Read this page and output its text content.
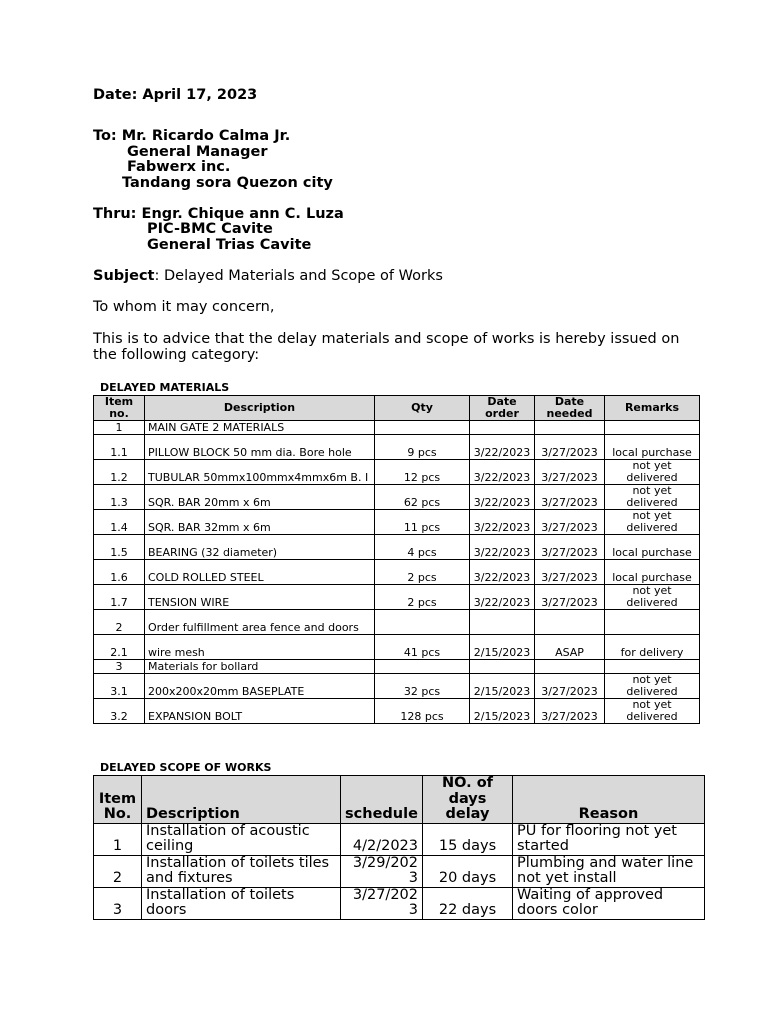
Date: April 17, 2023
To: Mr. Ricardo Calma Jr.
General Manager
Fabwerx inc.
Tandang sora Quezon city
Thru: Engr. Chique ann C. Luza
PIC-BMC Cavite
General Trias Cavite
Subject: Delayed Materials and Scope of Works
To whom it may concern,
This is to advice that the delay materials and scope of works is hereby issued on the following category:
DELAYED MATERIALS
Item no.	Description	Qty	Date order	Date needed	Remarks
1	MAIN GATE 2 MATERIALS				
1.1	PILLOW BLOCK 50 mm dia. Bore hole	9 pcs	3/22/2023	3/27/2023	local purchase
1.2	TUBULAR 50mmx100mmx4mmx6m B. I	12 pcs	3/22/2023	3/27/2023	not yet delivered
1.3	SQR. BAR 20mm x 6m	62 pcs	3/22/2023	3/27/2023	not yet delivered
1.4	SQR. BAR 32mm x 6m	11 pcs	3/22/2023	3/27/2023	not yet delivered
1.5	BEARING (32 diameter)	4 pcs	3/22/2023	3/27/2023	local purchase
1.6	COLD ROLLED STEEL	2 pcs	3/22/2023	3/27/2023	local purchase
1.7	TENSION WIRE	2 pcs	3/22/2023	3/27/2023	not yet delivered
2	Order fulfillment area fence and doors				
2.1	wire mesh	41 pcs	2/15/2023	ASAP	for delivery
3	Materials for bollard				
3.1	200x200x20mm BASEPLATE	32 pcs	2/15/2023	3/27/2023	not yet delivered
3.2	EXPANSION BOLT	128 pcs	2/15/2023	3/27/2023	not yet delivered
DELAYED SCOPE OF WORKS
Item No.	Description	schedule	NO. of days delay	Reason
1	Installation of acoustic ceiling	4/2/2023	15 days	PU for flooring not yet started
2	Installation of toilets tiles and fixtures	3/29/2023	20 days	Plumbing and water line not yet install
3	Installation of toilets doors	3/27/2023	22 days	Waiting of approved doors color
